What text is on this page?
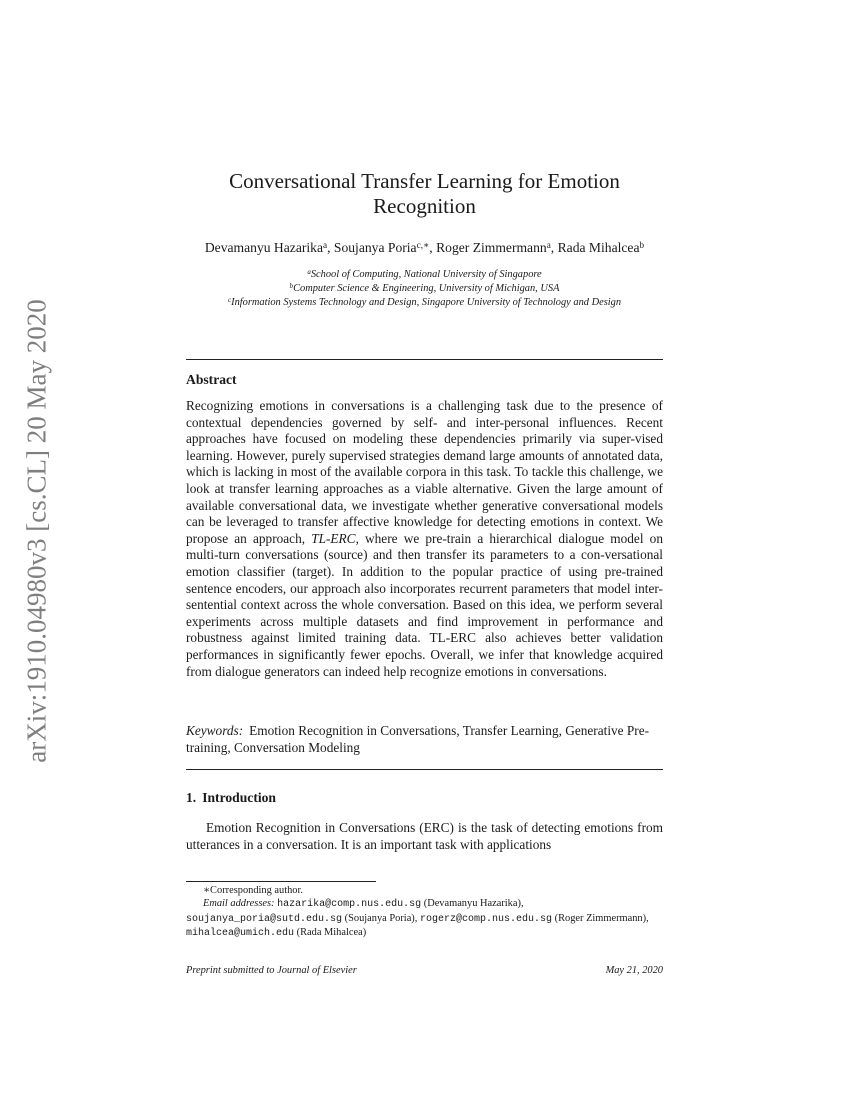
arXiv:1910.04980v3 [cs.CL] 20 May 2020
Conversational Transfer Learning for Emotion
Recognition
Devamanyu Hazarika$^a$, Soujanya Poria$^{c,∗}$, Roger Zimmermann$^a$, Rada Mihalcea$^b$
$^a$School of Computing, National University of Singapore
$^b$Computer Science & Engineering, University of Michigan, USA
$^c$Information Systems Technology and Design, Singapore University of Technology and Design
Abstract
Recognizing emotions in conversations is a challenging task due to the presence of contextual dependencies governed by self- and inter-personal influences. Recent approaches have focused on modeling these dependencies primarily via super-vised learning. However, purely supervised strategies demand large amounts of annotated data, which is lacking in most of the available corpora in this task. To tackle this challenge, we look at transfer learning approaches as a viable alternative. Given the large amount of available conversational data, we investigate whether generative conversational models can be leveraged to transfer affective knowledge for detecting emotions in context. We propose an approach, TL-ERC, where we pre-train a hierarchical dialogue model on multi-turn conversations (source) and then transfer its parameters to a con-versational emotion classifier (target). In addition to the popular practice of using pre-trained sentence encoders, our approach also incorporates recurrent parameters that model inter-sentential context across the whole conversation. Based on this idea, we perform several experiments across multiple datasets and find improvement in performance and robustness against limited training data. TL-ERC also achieves better validation performances in significantly fewer epochs. Overall, we infer that knowledge acquired from dialogue generators can indeed help recognize emotions in conversations.
Keywords: Emotion Recognition in Conversations, Transfer Learning, Generative Pre-training, Conversation Modeling
1. Introduction
Emotion Recognition in Conversations (ERC) is the task of detecting emotions from utterances in a conversation. It is an important task with applications
∗Corresponding author.
Email addresses: hazarika@comp.nus.edu.sg (Devamanyu Hazarika), soujanya_poria@sutd.edu.sg (Soujanya Poria), rogerz@comp.nus.edu.sg (Roger Zimmermann), mihalcea@umich.edu (Rada Mihalcea)
Preprint submitted to Journal of Elsevier	May 21, 2020
